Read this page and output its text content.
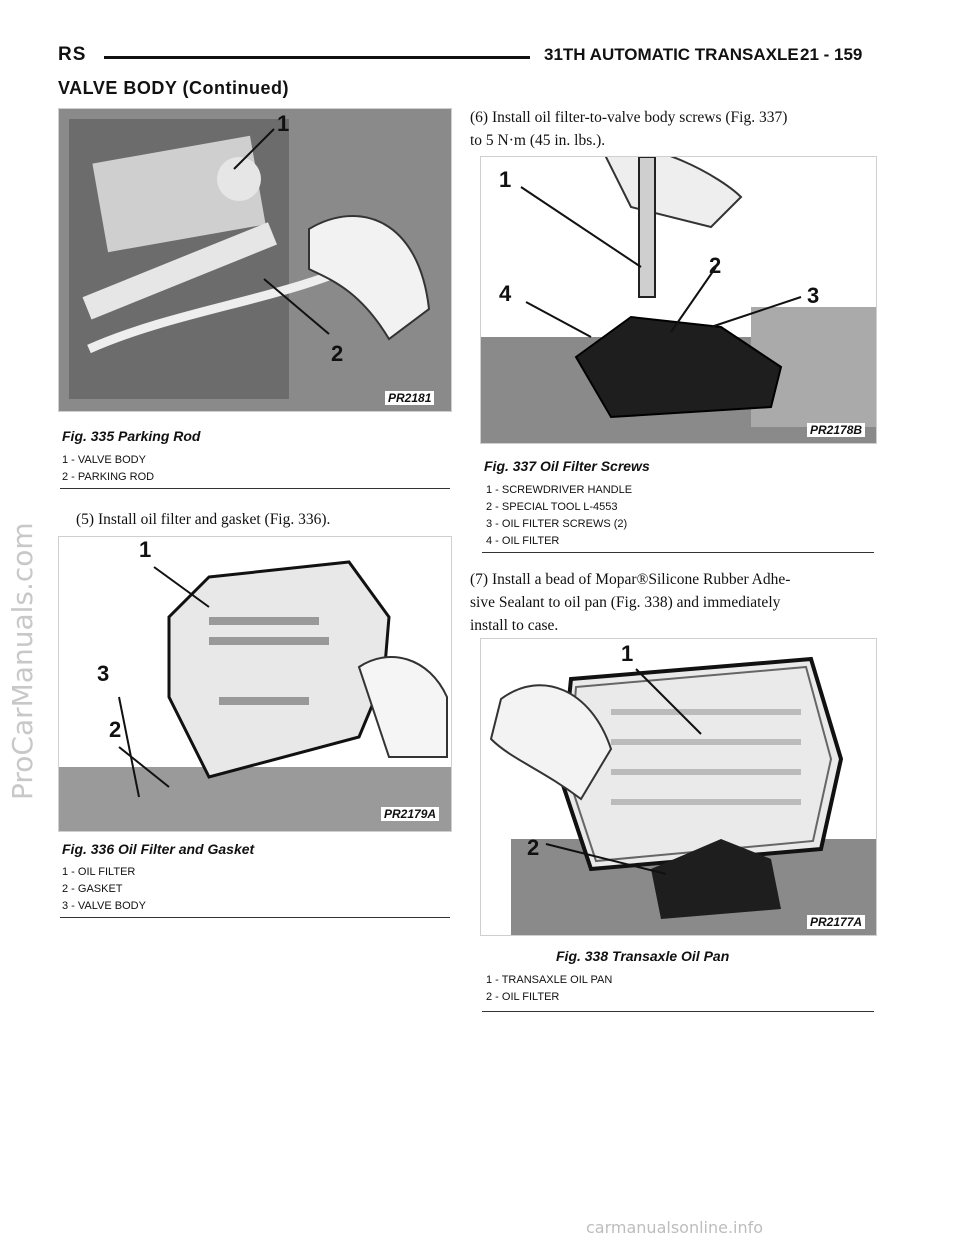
RS	31TH AUTOMATIC TRANSAXLE 21 - 159
VALVE BODY (Continued)
ProCarManuals.com
carmanualsonline.info
1
2
PR2181
Fig. 335 Parking Rod
1 - VALVE BODY
2 - PARKING ROD
(5) Install oil filter and gasket (Fig. 336).
1
3
2
PR2179A
Fig. 336 Oil Filter and Gasket
1 - OIL FILTER
2 - GASKET
3 - VALVE BODY
(6) Install oil filter-to-valve body screws (Fig. 337)
to 5 N·m (45 in. lbs.).
1
2
3
4
PR2178B
Fig. 337 Oil Filter Screws
1 - SCREWDRIVER HANDLE
2 - SPECIAL TOOL L-4553
3 - OIL FILTER SCREWS (2)
4 - OIL FILTER
(7) Install a bead of Mopar®Silicone Rubber Adhe-
sive Sealant to oil pan (Fig. 338) and immediately
install to case.
1
2
PR2177A
Fig. 338 Transaxle Oil Pan
1 - TRANSAXLE OIL PAN
2 - OIL FILTER
